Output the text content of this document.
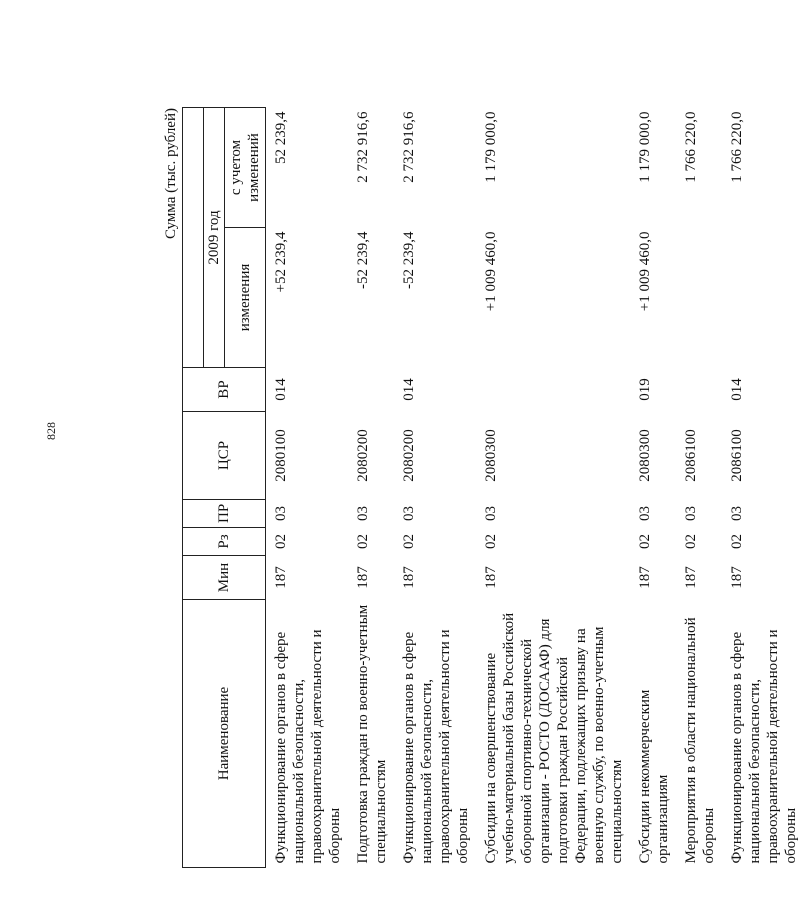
828
Сумма (тыс. рублей)
Наименование	Мин	Рз	ПР	ЦСР	ВР		
						2009 год	
						изменения	с учетом изменений
Функционирование органов в сфере национальной безопасности, правоохранительной деятельности и обороны	187	02	03	2080100	014	+52 239,4	52 239,4
Подготовка граждан по военно-учетным специальностям	187	02	03	2080200		-52 239,4	2 732 916,6
Функционирование органов в сфере национальной безопасности, правоохранительной деятельности и обороны	187	02	03	2080200	014	-52 239,4	2 732 916,6
Субсидии на совершенствование учебно-материальной базы Российской оборонной спортивно-технической организации - РОСТО (ДОСААФ) для подготовки граждан Российской Федерации, подлежащих призыву на военную службу, по военно-учетным специальностям	187	02	03	2080300		+1 009 460,0	1 179 000,0
Субсидии некоммерческим организациям	187	02	03	2080300	019	+1 009 460,0	1 179 000,0
Мероприятия в области национальной обороны	187	02	03	2086100			1 766 220,0
Функционирование органов в сфере национальной безопасности, правоохранительной деятельности и обороны	187	02	03	2086100	014		1 766 220,0
